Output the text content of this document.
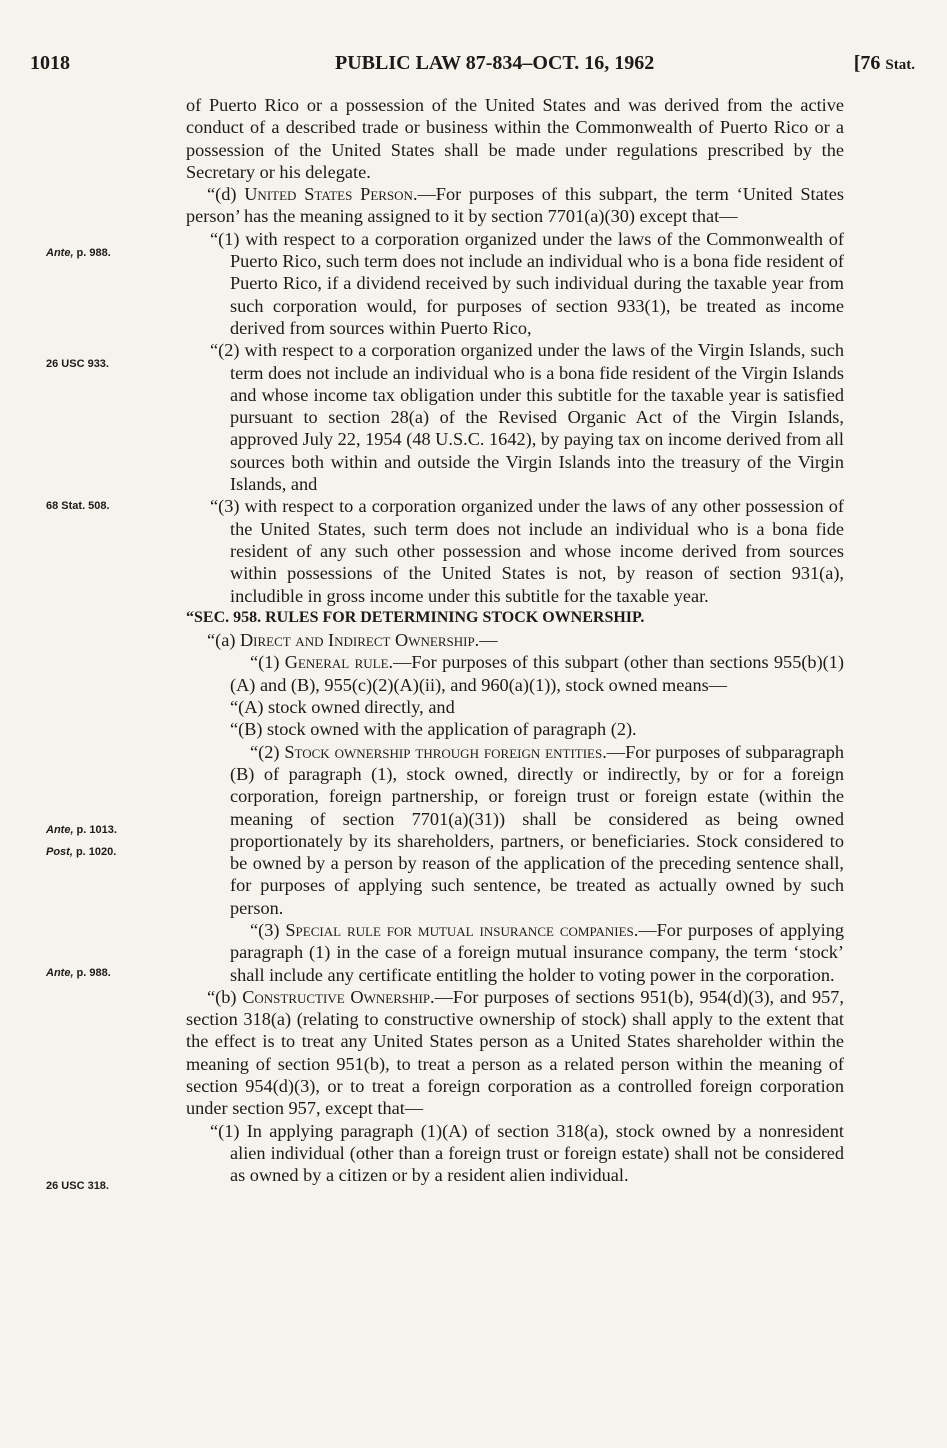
1018	PUBLIC LAW 87-834–OCT. 16, 1962	[76 Stat.
Ante, p. 988.
26 USC 933.
68 Stat. 508.
Ante, p. 1013.
Post, p. 1020.
Ante, p. 988.
26 USC 318.

of Puerto Rico or a possession of the United States and was derived from the active conduct of a described trade or business within the Commonwealth of Puerto Rico or a possession of the United States shall be made under regulations prescribed by the Secretary or his delegate.

“(d) United States Person.—For purposes of this subpart, the term ‘United States person’ has the meaning assigned to it by section 7701(a)(30) except that—

“(1) with respect to a corporation organized under the laws of the Commonwealth of Puerto Rico, such term does not include an individual who is a bona fide resident of Puerto Rico, if a dividend received by such individual during the taxable year from such corporation would, for purposes of section 933(1), be treated as income derived from sources within Puerto Rico,

“(2) with respect to a corporation organized under the laws of the Virgin Islands, such term does not include an individual who is a bona fide resident of the Virgin Islands and whose income tax obligation under this subtitle for the taxable year is satisfied pursuant to section 28(a) of the Revised Organic Act of the Virgin Islands, approved July 22, 1954 (48 U.S.C. 1642), by paying tax on income derived from all sources both within and outside the Virgin Islands into the treasury of the Virgin Islands, and

“(3) with respect to a corporation organized under the laws of any other possession of the United States, such term does not include an individual who is a bona fide resident of any such other possession and whose income derived from sources within possessions of the United States is not, by reason of section 931(a), includible in gross income under this subtitle for the taxable year.

“SEC. 958. RULES FOR DETERMINING STOCK OWNERSHIP.

“(a) Direct and Indirect Ownership.—

“(1) General rule.—For purposes of this subpart (other than sections 955(b)(1)(A) and (B), 955(c)(2)(A)(ii), and 960(a)(1)), stock owned means—

“(A) stock owned directly, and

“(B) stock owned with the application of paragraph (2).

“(2) Stock ownership through foreign entities.—For purposes of subparagraph (B) of paragraph (1), stock owned, directly or indirectly, by or for a foreign corporation, foreign partnership, or foreign trust or foreign estate (within the meaning of section 7701(a)(31)) shall be considered as being owned proportionately by its shareholders, partners, or beneficiaries. Stock considered to be owned by a person by reason of the application of the preceding sentence shall, for purposes of applying such sentence, be treated as actually owned by such person.

“(3) Special rule for mutual insurance companies.—For purposes of applying paragraph (1) in the case of a foreign mutual insurance company, the term ‘stock’ shall include any certificate entitling the holder to voting power in the corporation.

“(b) Constructive Ownership.—For purposes of sections 951(b), 954(d)(3), and 957, section 318(a) (relating to constructive ownership of stock) shall apply to the extent that the effect is to treat any United States person as a United States shareholder within the meaning of section 951(b), to treat a person as a related person within the meaning of section 954(d)(3), or to treat a foreign corporation as a controlled foreign corporation under section 957, except that—

“(1) In applying paragraph (1)(A) of section 318(a), stock owned by a nonresident alien individual (other than a foreign trust or foreign estate) shall not be considered as owned by a citizen or by a resident alien individual.
